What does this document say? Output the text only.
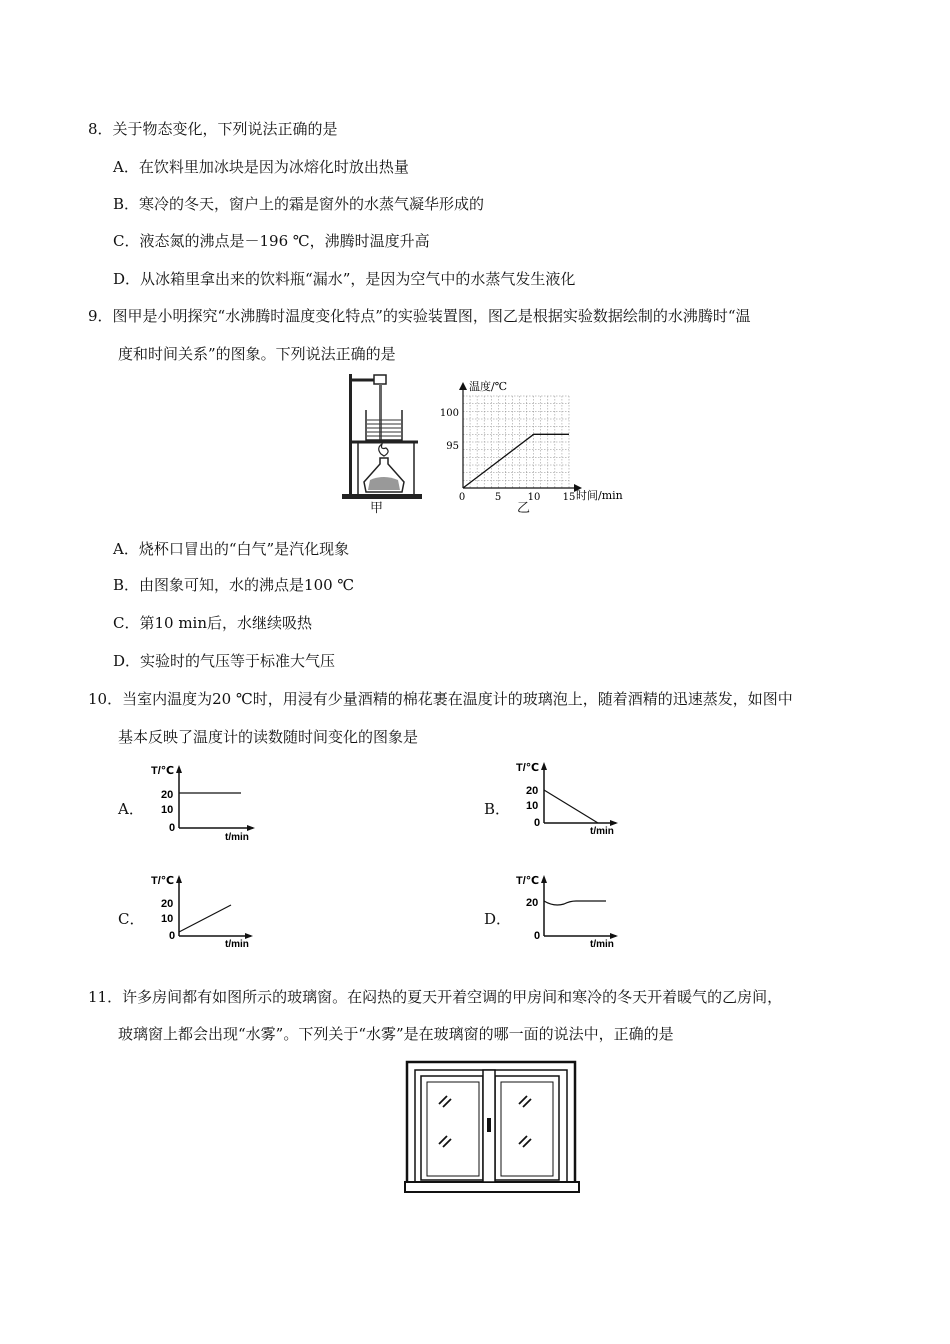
8．关于物态变化，下列说法正确的是
A．在饮料里加冰块是因为冰熔化时放出热量
B．寒冷的冬天，窗户上的霜是窗外的水蒸气凝华形成的
C．液态氮的沸点是－196 ℃，沸腾时温度升高
D．从冰箱里拿出来的饮料瓶“漏水”，是因为空气中的水蒸气发生液化
9．图甲是小明探究“水沸腾时温度变化特点”的实验装置图，图乙是根据实验数据绘制的水沸腾时“温
度和时间关系”的图象。下列说法正确的是
甲
温度/℃
时间/min
0	5	10 15
100
95
乙
A．烧杯口冒出的“白气”是汽化现象
B．由图象可知，水的沸点是100 ℃
C．第10 min后，水继续吸热
D．实验时的气压等于标准大气压
10．当室内温度为20 ℃时，用浸有少量酒精的棉花裹在温度计的玻璃泡上，随着酒精的迅速蒸发，如图中
基本反映了温度计的读数随时间变化的图象是
A．
T/℃
20
10
0
t/min
B．
T/℃
20
10
0
t/min
C．
T/℃
20
10
0
t/min
D．
T/℃
20
0
t/min
11．许多房间都有如图所示的玻璃窗。在闷热的夏天开着空调的甲房间和寒冷的冬天开着暖气的乙房间，
玻璃窗上都会出现“水雾”。下列关于“水雾”是在玻璃窗的哪一面的说法中，正确的是
